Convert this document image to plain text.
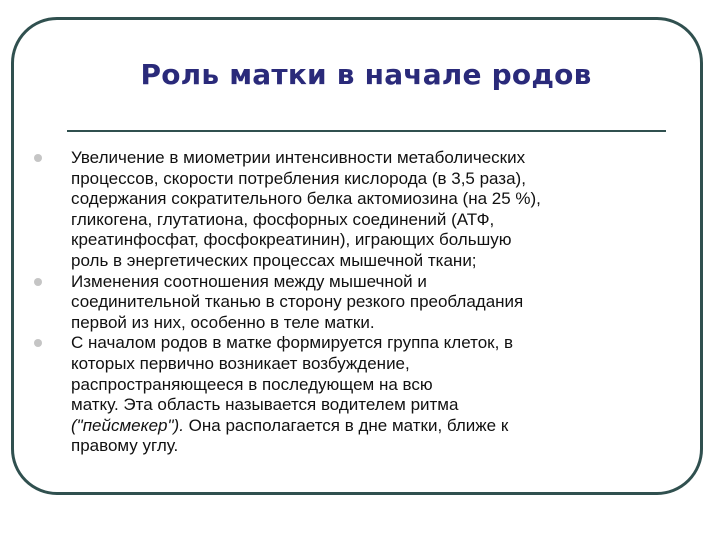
Роль матки в начале родов
Увеличение в миометрии интенсивности метаболических
процессов, скорости потребления кислорода (в 3,5 раза),
содержания сократительного белка актомиозина (на 25 %),
гликогена, глутатиона, фосфорных соединений (АТФ,
креатинфосфат, фосфокреатинин), играющих большую
роль в энергетических процессах мышечной ткани;
Изменения соотношения между мышечной и
соединительной тканью в сторону резкого преобладания
первой из них, особенно в теле матки.
С началом родов в матке формируется группа клеток, в
которых первично возникает возбуждение,
распространяющееся в последующем на всю
матку. Эта область называется водителем ритма
("пейсмекер"). Она располагается в дне матки, ближе к
правому углу.
